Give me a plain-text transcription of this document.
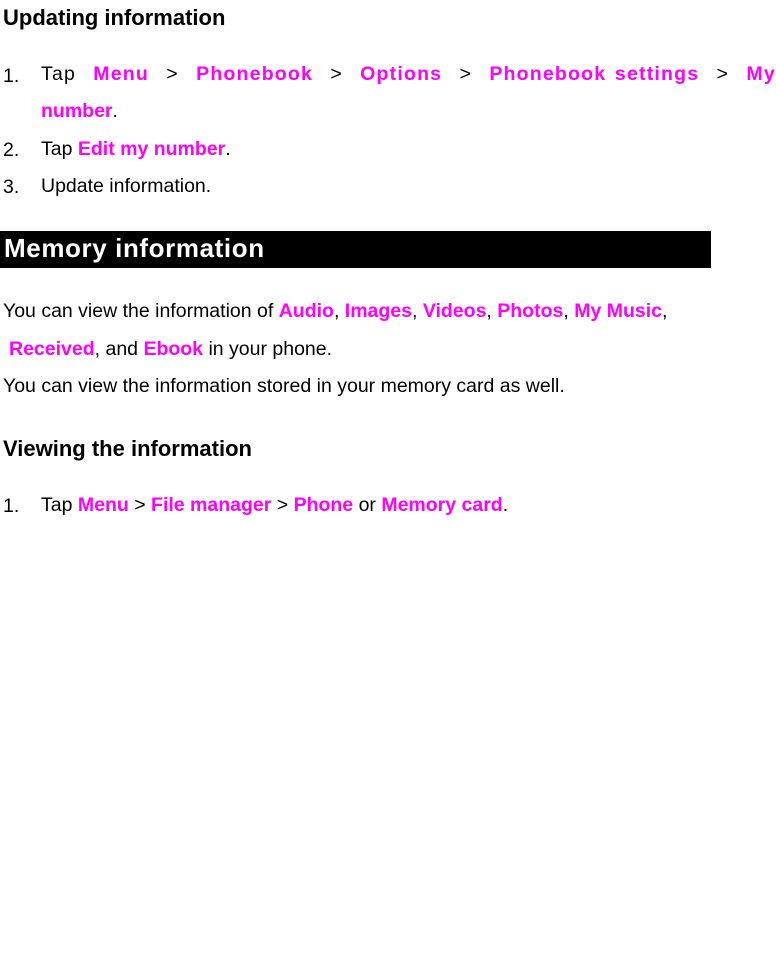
Updating information
1. Tap Menu > Phonebook > Options > Phonebook settings > My

number.

2. Tap Edit my number.

3. Update information.

Memory information

You can view the information of Audio, Images, Videos, Photos, My Music,

Received, and Ebook in your phone.

You can view the information stored in your memory card as well.

Viewing the information
1. Tap Menu > File manager > Phone or Memory card.
